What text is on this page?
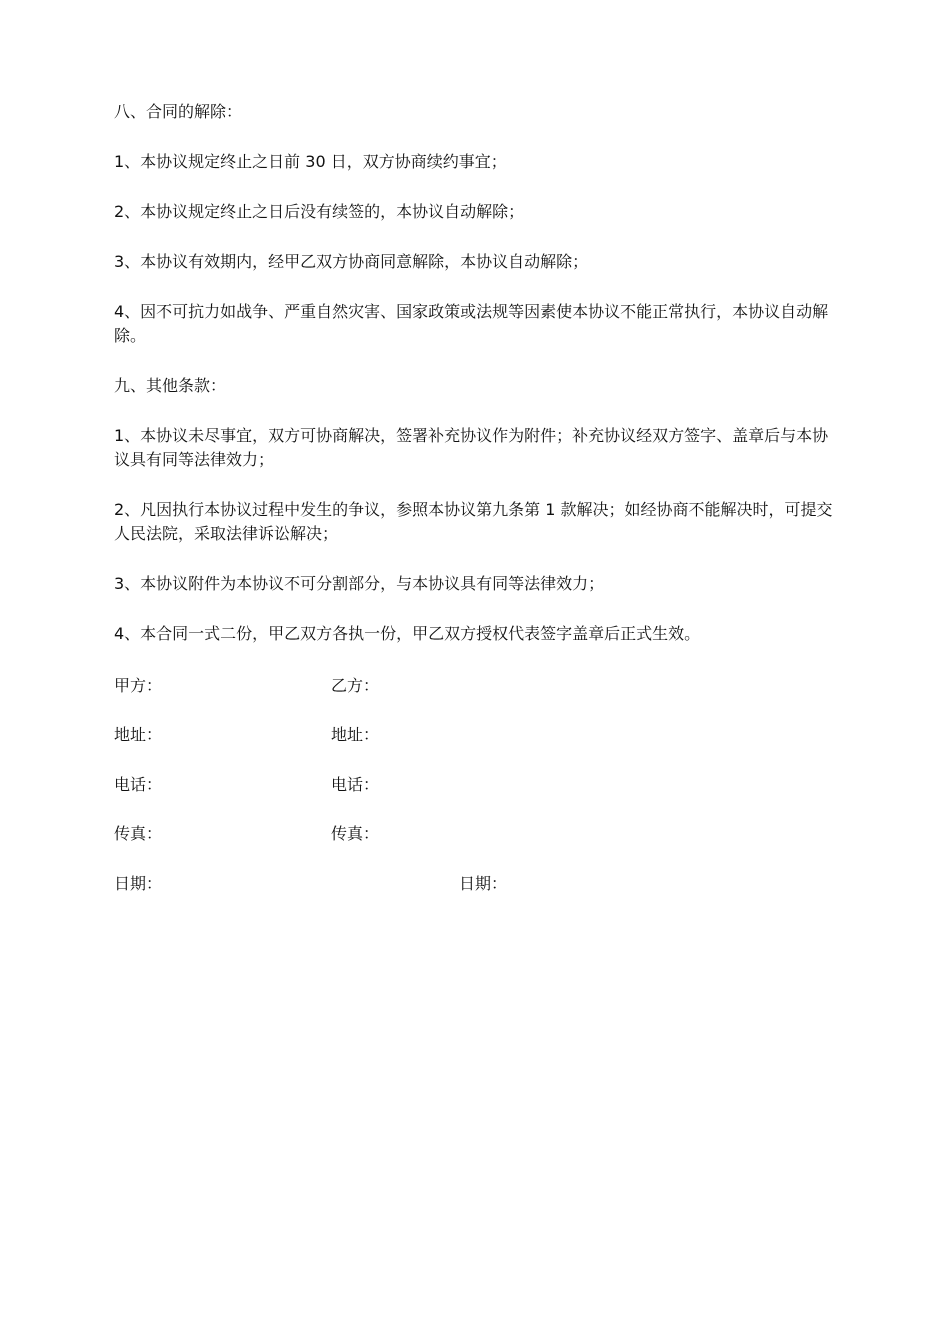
八、合同的解除：

1、本协议规定终止之日前 30 日，双方协商续约事宜；

2、本协议规定终止之日后没有续签的，本协议自动解除；

3、本协议有效期内，经甲乙双方协商同意解除，本协议自动解除；

4、因不可抗力如战争、严重自然灾害、国家政策或法规等因素使本协议不能正常执行，本协议自动解除。

九、其他条款：

1、本协议未尽事宜，双方可协商解决，签署补充协议作为附件；补充协议经双方签字、盖章后与本协议具有同等法律效力；

2、凡因执行本协议过程中发生的争议，参照本协议第九条第 1 款解决；如经协商不能解决时，可提交人民法院，采取法律诉讼解决；

3、本协议附件为本协议不可分割部分，与本协议具有同等法律效力；

4、本合同一式二份，甲乙双方各执一份，甲乙双方授权代表签字盖章后正式生效。

甲方：	乙方：
地址：	地址：
电话：	电话：
传真：	传真：
日期：	日期：
